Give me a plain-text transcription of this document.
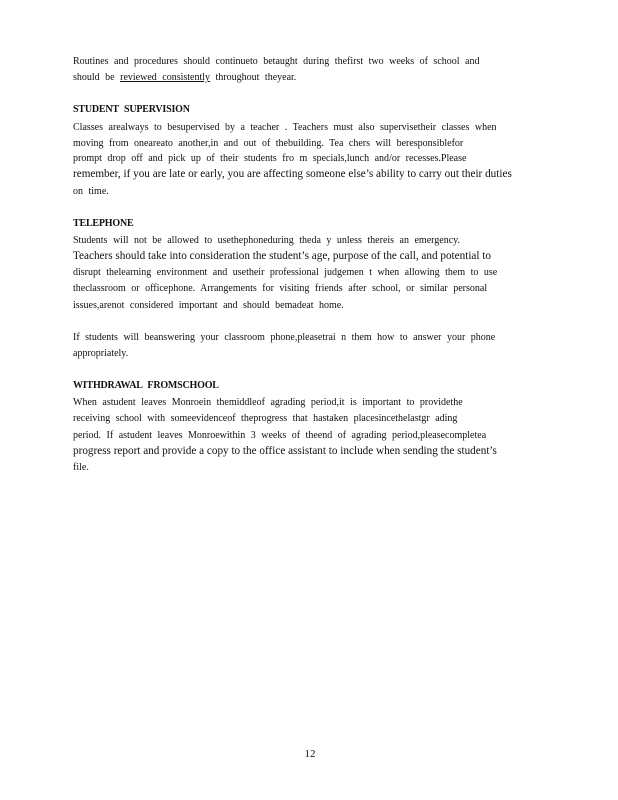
Routines and procedures should continueto betaught during thefirst two weeks of school and
should be reviewed consistently throughout theyear.
STUDENT SUPERVISION
Classes arealways to besupervised by a teacher . Teachers must also supervisetheir classes when
moving from oneareato another,in and out of thebuilding. Tea chers will beresponsiblefor
prompt drop off and pick up of their students fro m specials,lunch and/or recesses.Please
remember, if you are late or early, you are affecting someone else’s ability to carry out their duties
on time.
TELEPHONE
Students will not be allowed to usethephoneduring theda y unless thereis an emergency.
Teachers should take into consideration the student’s age, purpose of the call, and potential to
disrupt thelearning environment and usetheir professional judgemen t when allowing them to use
theclassroom or officephone. Arrangements for visiting friends after school, or similar personal
issues,arenot considered important and should bemadeat home.
If students will beanswering your classroom phone,pleasetrai n them how to answer your phone
appropriately.
WITHDRAWAL FROMSCHOOL
When astudent leaves Monroein themiddleof agrading period,it is important to providethe
receiving school with someevidenceof theprogress that hastaken placesincethelastgr ading
period. If astudent leaves Monroewithin 3 weeks of theend of agrading period,pleasecompletea
progress report and provide a copy to the office assistant to include when sending the student’s
file.
12
